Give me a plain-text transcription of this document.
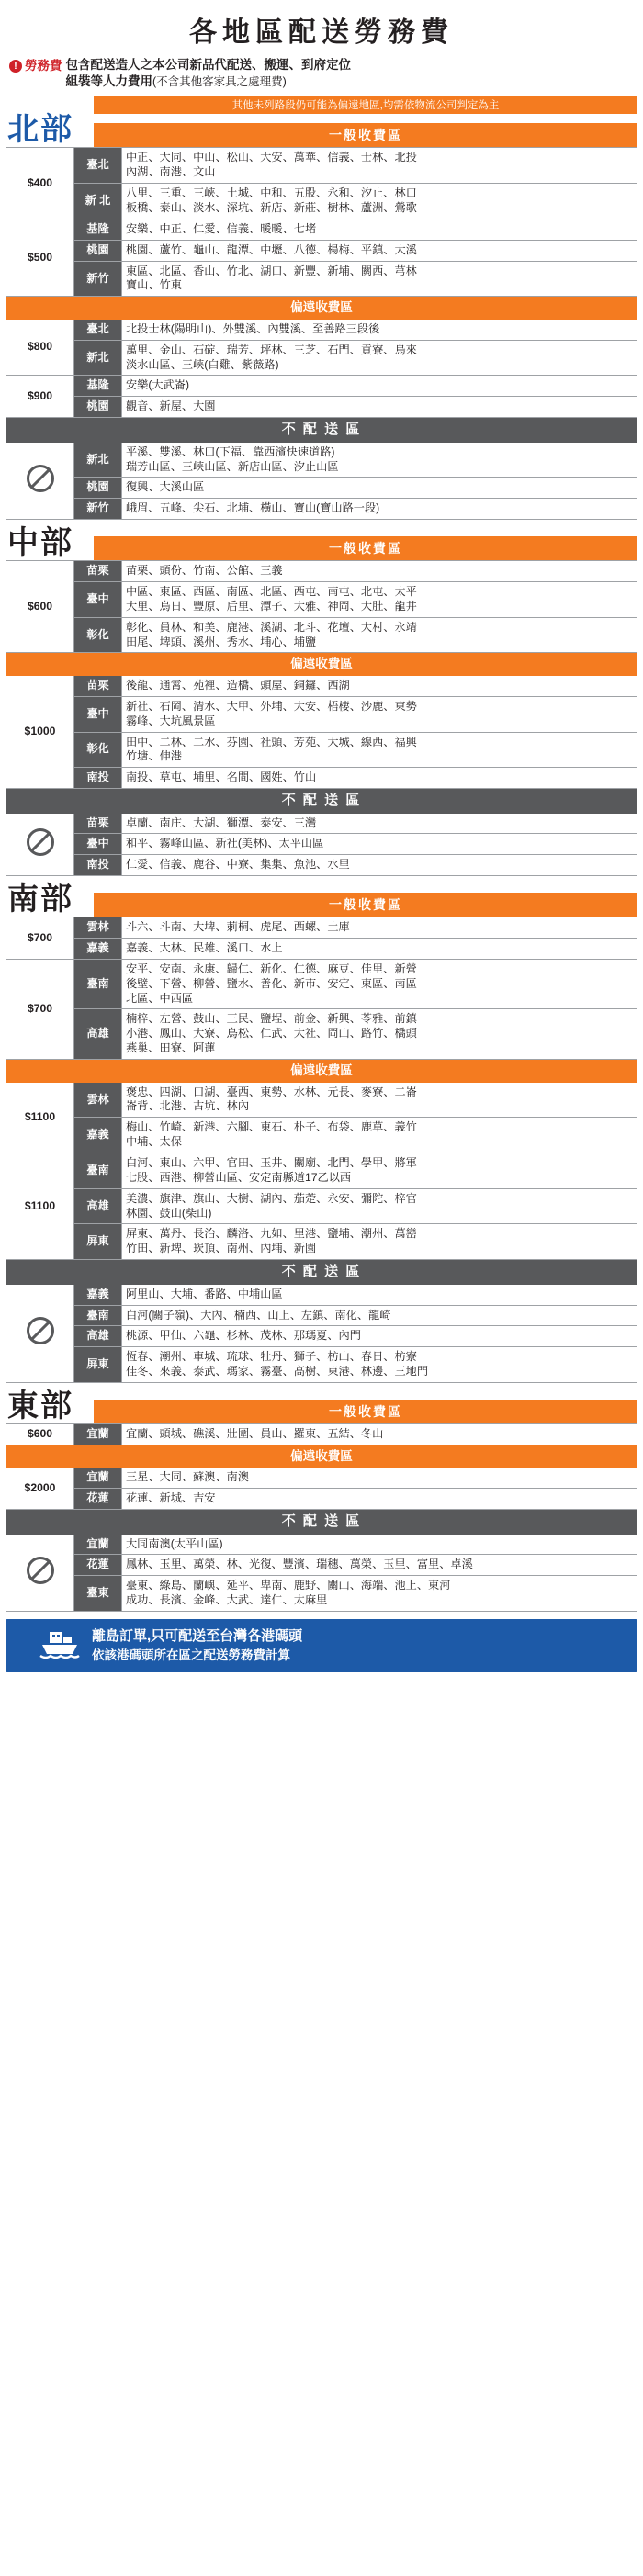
各地區配送勞務費
! 勞務費 包含配送造人之本公司新品代配送、搬運、到府定位
組裝等人力費用(不含其他客家具之處理費)
其他未列路段仍可能為偏遠地區,均需依物流公司判定為主
北部	一般收費區
$400	臺北	中正、大同、中山、松山、大安、萬華、信義、士林、北投
內湖、南港、文山
	新 北	八里、三重、三峽、土城、中和、五股、永和、汐止、林口
板橋、泰山、淡水、深坑、新店、新莊、樹林、蘆洲、鶯歌
$500	基隆	安樂、中正、仁愛、信義、暖暖、七堵
	桃園	桃園、蘆竹、龜山、龍潭、中壢、八德、楊梅、平鎮、大溪
	新竹	東區、北區、香山、竹北、湖口、新豐、新埔、關西、芎林
寶山、竹東
偏遠收費區		
$800	臺北	北投士林(陽明山)、外雙溪、內雙溪、至善路三段後
	新北	萬里、金山、石碇、瑞芳、坪林、三芝、石門、貢寮、烏來
淡水山區、三峽(白雞、紫薇路)
$900	基隆	安樂(大武崙)
	桃園	觀音、新屋、大園
不 配 送 區		
	新北	平溪、雙溪、林口(下福、靠西濱快速道路)
瑞芳山區、三峽山區、新店山區、汐止山區
	桃園	復興、大溪山區
	新竹	峨眉、五峰、尖石、北埔、橫山、寶山(寶山路一段)
中部	一般收費區
$600	苗栗	苗栗、頭份、竹南、公館、三義
	臺中	中區、東區、西區、南區、北區、西屯、南屯、北屯、太平
大里、烏日、豐原、后里、潭子、大雅、神岡、大肚、龍井
	彰化	彰化、員林、和美、鹿港、溪湖、北斗、花壇、大村、永靖
田尾、埤頭、溪州、秀水、埔心、埔鹽
偏遠收費區		
$1000	苗栗	後龍、通霄、苑裡、造橋、頭屋、銅鑼、西湖
	臺中	新社、石岡、清水、大甲、外埔、大安、梧棲、沙鹿、東勢
霧峰、大坑風景區
	彰化	田中、二林、二水、芬園、社頭、芳苑、大城、線西、福興
竹塘、伸港
	南投	南投、草屯、埔里、名間、國姓、竹山
不 配 送 區		
	苗栗	卓蘭、南庄、大湖、獅潭、泰安、三灣
	臺中	和平、霧峰山區、新社(美林)、太平山區
	南投	仁愛、信義、鹿谷、中寮、集集、魚池、水里
南部	一般收費區
$700	雲林	斗六、斗南、大埤、莿桐、虎尾、西螺、土庫
	嘉義	嘉義、大林、民雄、溪口、水上
$700	臺南	安平、安南、永康、歸仁、新化、仁德、麻豆、佳里、新營
後壁、下營、柳營、鹽水、善化、新市、安定、東區、南區
北區、中西區
	高雄	楠梓、左營、鼓山、三民、鹽埕、前金、新興、苓雅、前鎮
小港、鳳山、大寮、鳥松、仁武、大社、岡山、路竹、橋頭
燕巢、田寮、阿蓮
偏遠收費區		
$1100	雲林	褒忠、四湖、口湖、臺西、東勢、水林、元長、麥寮、二崙
崙背、北港、古坑、林內
	嘉義	梅山、竹崎、新港、六腳、東石、朴子、布袋、鹿草、義竹
中埔、太保
$1100	臺南	白河、東山、六甲、官田、玉井、關廟、北門、學甲、將軍
七股、西港、柳營山區、安定南縣道17乙以西
	高雄	美濃、旗津、旗山、大樹、湖內、茄萣、永安、彌陀、梓官
林園、鼓山(柴山)
	屏東	屏東、萬丹、長治、麟洛、九如、里港、鹽埔、潮州、萬巒
竹田、新埤、崁頂、南州、內埔、新園
不 配 送 區		
	嘉義	阿里山、大埔、番路、中埔山區
	臺南	白河(關子嶺)、大內、楠西、山上、左鎮、南化、龍崎
	高雄	桃源、甲仙、六龜、杉林、茂林、那瑪夏、內門
	屏東	恆春、潮州、車城、琉球、牡丹、獅子、枋山、春日、枋寮
佳冬、來義、泰武、瑪家、霧臺、高樹、東港、林邊、三地門
東部	一般收費區
$600	宜蘭	宜蘭、頭城、礁溪、壯圍、員山、羅東、五結、冬山
偏遠收費區		
$2000	宜蘭	三星、大同、蘇澳、南澳
	花蓮	花蓮、新城、吉安
不 配 送 區		
	宜蘭	大同南澳(太平山區)
	花蓮	鳳林、玉里、萬榮、林、光復、豐濱、瑞穗、萬榮、玉里、富里、卓溪
	臺東	臺東、綠島、蘭嶼、延平、卑南、鹿野、關山、海端、池上、東河
成功、長濱、金峰、大武、達仁、太麻里
離島訂單,只可配送至台灣各港碼頭
依該港碼頭所在區之配送勞務費計算
